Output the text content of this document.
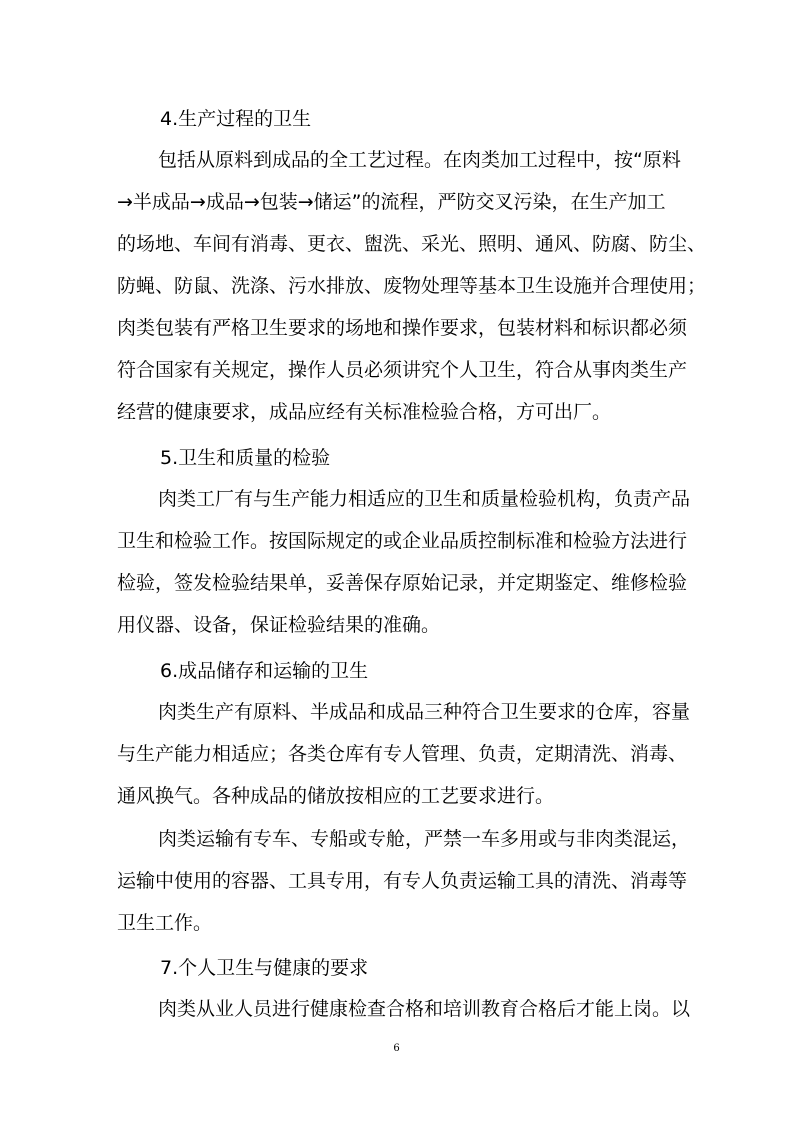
4.生产过程的卫生
包括从原料到成品的全工艺过程。在肉类加工过程中，按“原料
→半成品→成品→包装→储运”的流程，严防交叉污染，在生产加工
的场地、车间有消毒、更衣、盥洗、采光、照明、通风、防腐、防尘、
防蝇、防鼠、洗涤、污水排放、废物处理等基本卫生设施并合理使用；
肉类包装有严格卫生要求的场地和操作要求，包装材料和标识都必须
符合国家有关规定，操作人员必须讲究个人卫生，符合从事肉类生产
经营的健康要求，成品应经有关标准检验合格，方可出厂。
5.卫生和质量的检验
肉类工厂有与生产能力相适应的卫生和质量检验机构，负责产品
卫生和检验工作。按国际规定的或企业品质控制标准和检验方法进行
检验，签发检验结果单，妥善保存原始记录，并定期鉴定、维修检验
用仪器、设备，保证检验结果的准确。
6.成品储存和运输的卫生
肉类生产有原料、半成品和成品三种符合卫生要求的仓库，容量
与生产能力相适应；各类仓库有专人管理、负责，定期清洗、消毒、
通风换气。各种成品的储放按相应的工艺要求进行。
肉类运输有专车、专船或专舱，严禁一车多用或与非肉类混运，
运输中使用的容器、工具专用，有专人负责运输工具的清洗、消毒等
卫生工作。
7.个人卫生与健康的要求
肉类从业人员进行健康检查合格和培训教育合格后才能上岗。以
6
